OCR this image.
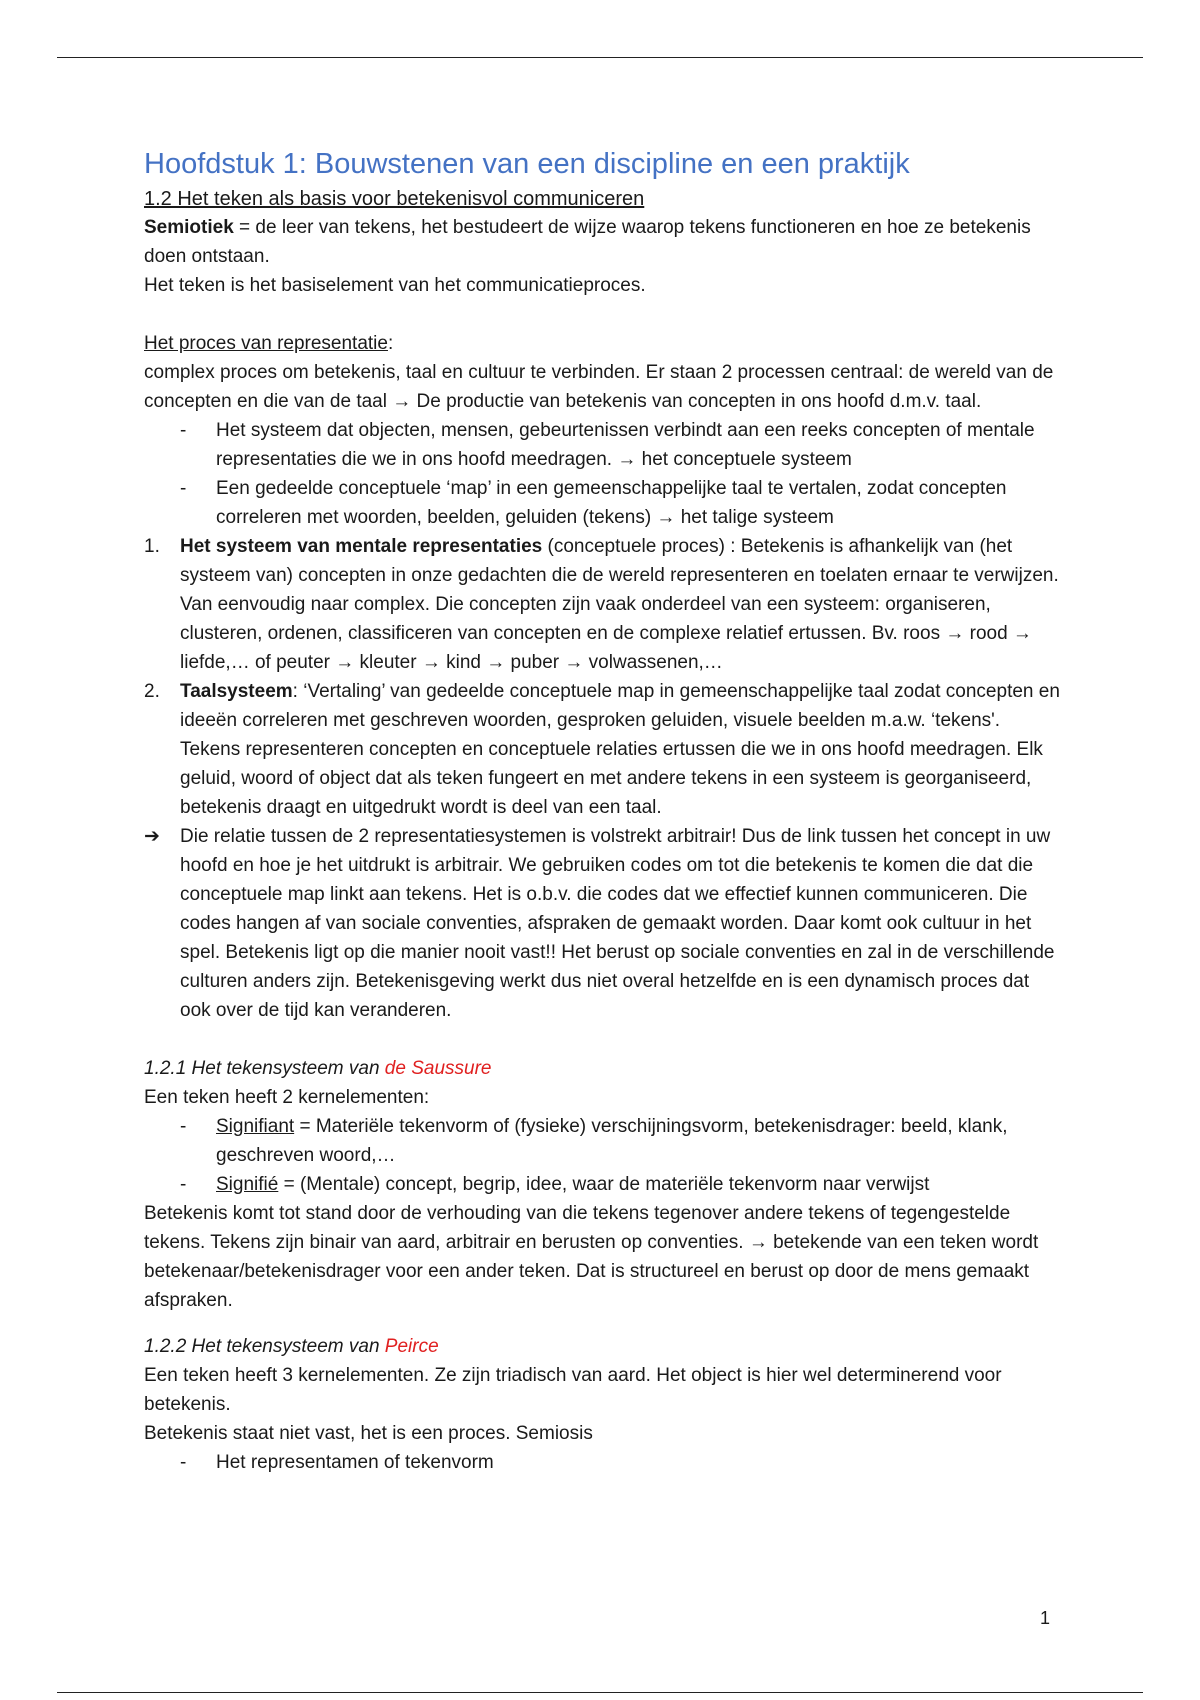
Hoofdstuk 1: Bouwstenen van een discipline en een praktijk

1.2 Het teken als basis voor betekenisvol communiceren

Semiotiek = de leer van tekens, het bestudeert de wijze waarop tekens functioneren en hoe ze betekenis doen ontstaan.

Het teken is het basiselement van het communicatieproces.

Het proces van representatie:

complex proces om betekenis, taal en cultuur te verbinden. Er staan 2 processen centraal: de wereld van de concepten en die van de taal → De productie van betekenis van concepten in ons hoofd d.m.v. taal.

- Het systeem dat objecten, mensen, gebeurtenissen verbindt aan een reeks concepten of mentale representaties die we in ons hoofd meedragen. → het conceptuele systeem
- Een gedeelde conceptuele ‘map’ in een gemeenschappelijke taal te vertalen, zodat concepten correleren met woorden, beelden, geluiden (tekens) → het talige systeem
1. Het systeem van mentale representaties (conceptuele proces) : Betekenis is afhankelijk van (het systeem van) concepten in onze gedachten die de wereld representeren en toelaten ernaar te verwijzen. Van eenvoudig naar complex. Die concepten zijn vaak onderdeel van een systeem: organiseren, clusteren, ordenen, classificeren van concepten en de complexe relatief ertussen. Bv. roos → rood → liefde,… of peuter → kleuter → kind → puber → volwassenen,…
2. Taalsysteem: ‘Vertaling’ van gedeelde conceptuele map in gemeenschappelijke taal zodat concepten en ideeën correleren met geschreven woorden, gesproken geluiden, visuele beelden m.a.w. ‘tekens'. Tekens representeren concepten en conceptuele relaties ertussen die we in ons hoofd meedragen. Elk geluid, woord of object dat als teken fungeert en met andere tekens in een systeem is georganiseerd, betekenis draagt en uitgedrukt wordt is deel van een taal.
➔ Die relatie tussen de 2 representatiesystemen is volstrekt arbitrair! Dus de link tussen het concept in uw hoofd en hoe je het uitdrukt is arbitrair. We gebruiken codes om tot die betekenis te komen die dat die conceptuele map linkt aan tekens. Het is o.b.v. die codes dat we effectief kunnen communiceren. Die codes hangen af van sociale conventies, afspraken de gemaakt worden. Daar komt ook cultuur in het spel. Betekenis ligt op die manier nooit vast!! Het berust op sociale conventies en zal in de verschillende culturen anders zijn. Betekenisgeving werkt dus niet overal hetzelfde en is een dynamisch proces dat ook over de tijd kan veranderen.

1.2.1 Het tekensysteem van de Saussure

Een teken heeft 2 kernelementen:

- Signifiant = Materiële tekenvorm of (fysieke) verschijningsvorm, betekenisdrager: beeld, klank, geschreven woord,…
- Signifié = (Mentale) concept, begrip, idee, waar de materiële tekenvorm naar verwijst

Betekenis komt tot stand door de verhouding van die tekens tegenover andere tekens of tegengestelde tekens. Tekens zijn binair van aard, arbitrair en berusten op conventies. → betekende van een teken wordt betekenaar/betekenisdrager voor een ander teken. Dat is structureel en berust op door de mens gemaakt afspraken.

1.2.2 Het tekensysteem van Peirce

Een teken heeft 3 kernelementen. Ze zijn triadisch van aard. Het object is hier wel determinerend voor betekenis.

Betekenis staat niet vast, het is een proces. Semiosis

- Het representamen of tekenvorm
1
